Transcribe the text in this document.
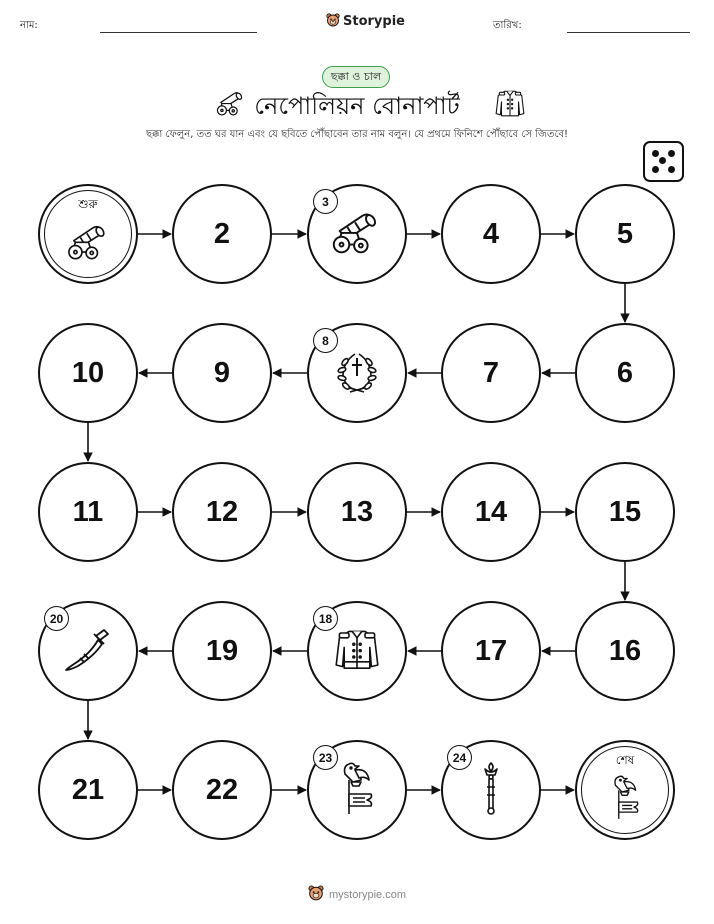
নাম:	Storypie	তারিখ:
ছক্কা ও চাল
নেপোলিয়ন বোনাপার্ট
ছক্কা ফেলুন, তত ঘর যান এবং যে ছবিতে পৌঁছাবেন তার নাম বলুন। যে প্রথমে ফিনিশে পৌঁছাবে সে জিতবে!
mystorypie.com
শুরু
2
3
4	5
6
7
8
9
10
11	12	13	14	15
16
17
18
19
20
21	22
23	24	শেষ
